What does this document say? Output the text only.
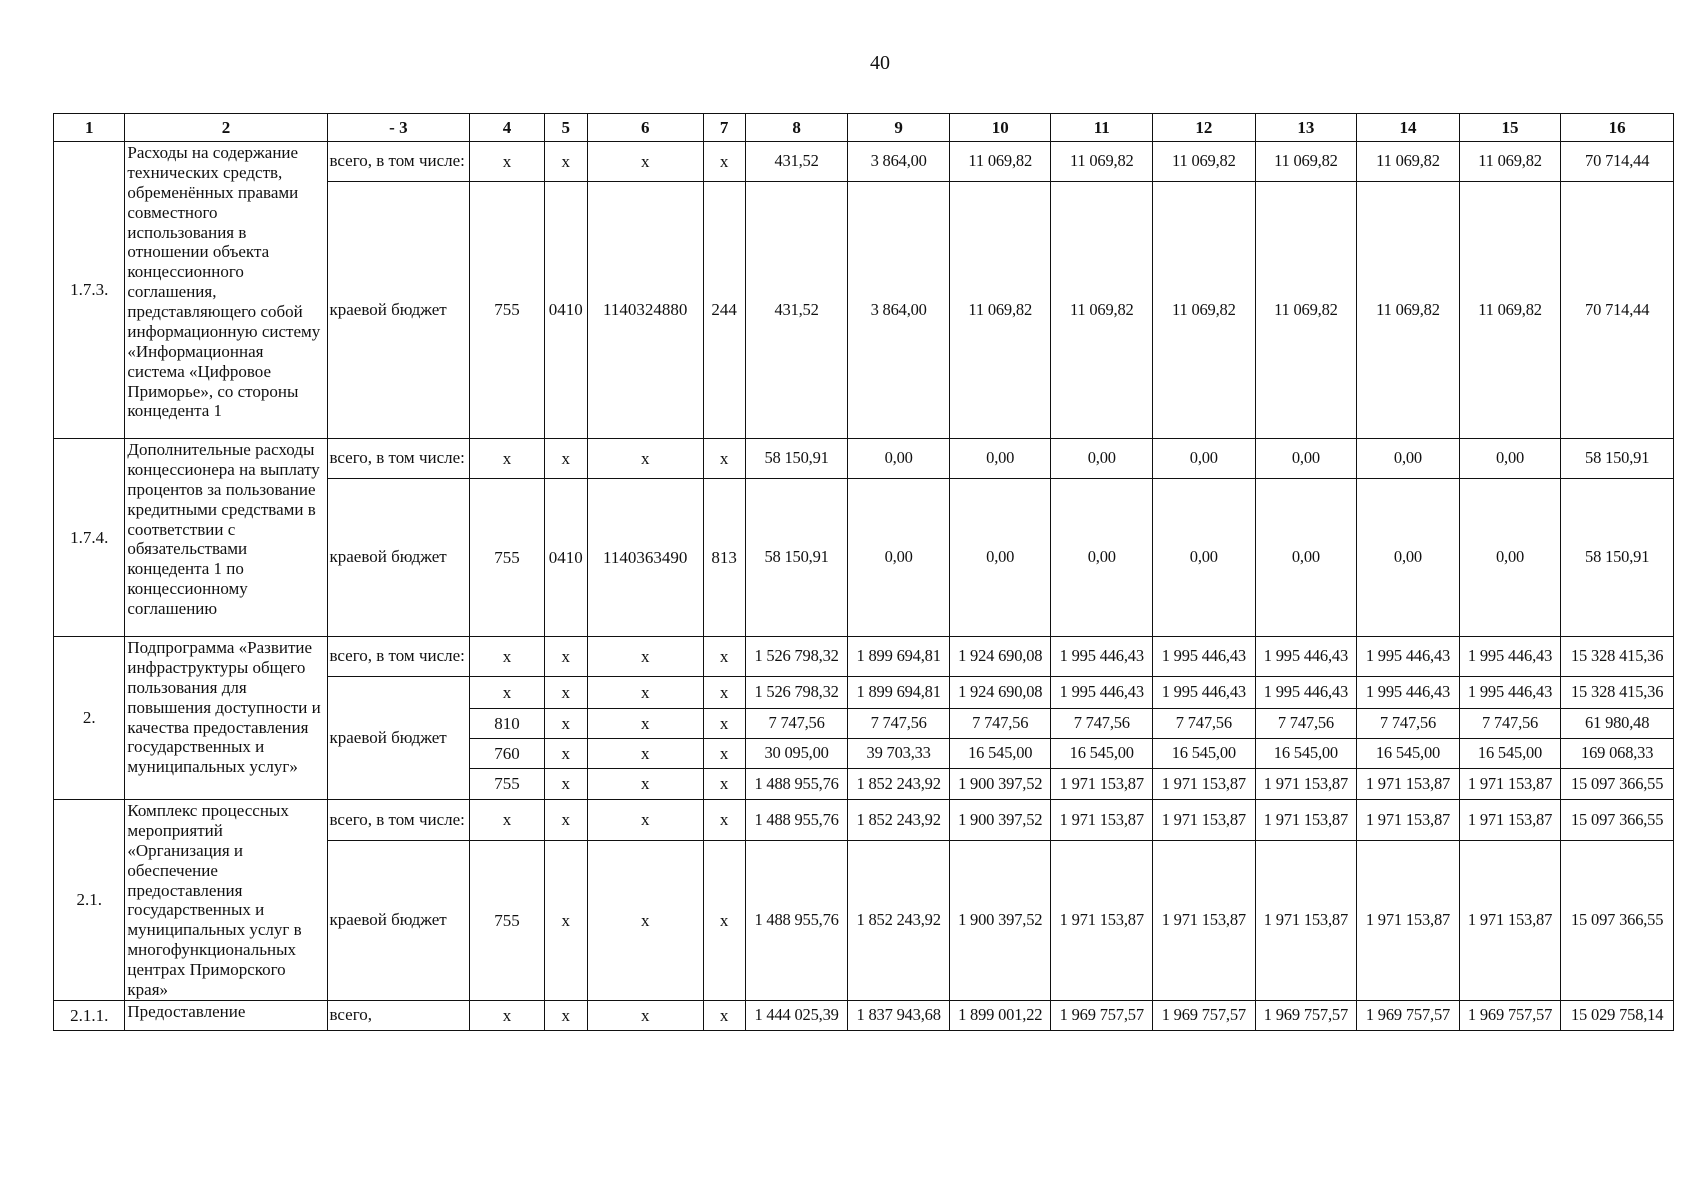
40
1	2	- 3	4	5	6	7	8	9	10	11	12	13	14	15	16
1.7.3.	Расходы на содержание технических средств, обременённых правами совместного использования в отношении объекта концессионного соглашения, представляющего собой информационную систему «Информационная система «Цифровое Приморье», со стороны концедента 1	всего, в том числе:	x	x	x	x	431,52	3 864,00	11 069,82	11 069,82	11 069,82	11 069,82	11 069,82	11 069,82	70 714,44
		краевой бюджет	755	0410	1140324880	244	431,52	3 864,00	11 069,82	11 069,82	11 069,82	11 069,82	11 069,82	11 069,82	70 714,44
1.7.4.	Дополнительные расходы концессионера на выплату процентов за пользование кредитными средствами в соответствии с обязательствами концедента 1 по концессионному соглашению	всего, в том числе:	x	x	x	x	58 150,91	0,00	0,00	0,00	0,00	0,00	0,00	0,00	58 150,91
		краевой бюджет	755	0410	1140363490	813	58 150,91	0,00	0,00	0,00	0,00	0,00	0,00	0,00	58 150,91
2.	Подпрограмма «Развитие инфраструктуры общего пользования для повышения доступности и качества предоставления государственных и муниципальных услуг»	всего, в том числе:	x	x	x	x	1 526 798,32	1 899 694,81	1 924 690,08	1 995 446,43	1 995 446,43	1 995 446,43	1 995 446,43	1 995 446,43	15 328 415,36
		краевой бюджет	x	x	x	x	1 526 798,32	1 899 694,81	1 924 690,08	1 995 446,43	1 995 446,43	1 995 446,43	1 995 446,43	1 995 446,43	15 328 415,36
			810	x	x	x	7 747,56	7 747,56	7 747,56	7 747,56	7 747,56	7 747,56	7 747,56	7 747,56	61 980,48
			760	x	x	x	30 095,00	39 703,33	16 545,00	16 545,00	16 545,00	16 545,00	16 545,00	16 545,00	169 068,33
			755	x	x	x	1 488 955,76	1 852 243,92	1 900 397,52	1 971 153,87	1 971 153,87	1 971 153,87	1 971 153,87	1 971 153,87	15 097 366,55
2.1.	Комплекс процессных мероприятий «Организация и обеспечение предоставления государственных и муниципальных услуг в многофункциональных центрах Приморского края»	всего, в том числе:	x	x	x	x	1 488 955,76	1 852 243,92	1 900 397,52	1 971 153,87	1 971 153,87	1 971 153,87	1 971 153,87	1 971 153,87	15 097 366,55
		краевой бюджет	755	x	x	x	1 488 955,76	1 852 243,92	1 900 397,52	1 971 153,87	1 971 153,87	1 971 153,87	1 971 153,87	1 971 153,87	15 097 366,55
2.1.1.	Предоставление	всего,	x	x	x	x	1 444 025,39	1 837 943,68	1 899 001,22	1 969 757,57	1 969 757,57	1 969 757,57	1 969 757,57	1 969 757,57	15 029 758,14
